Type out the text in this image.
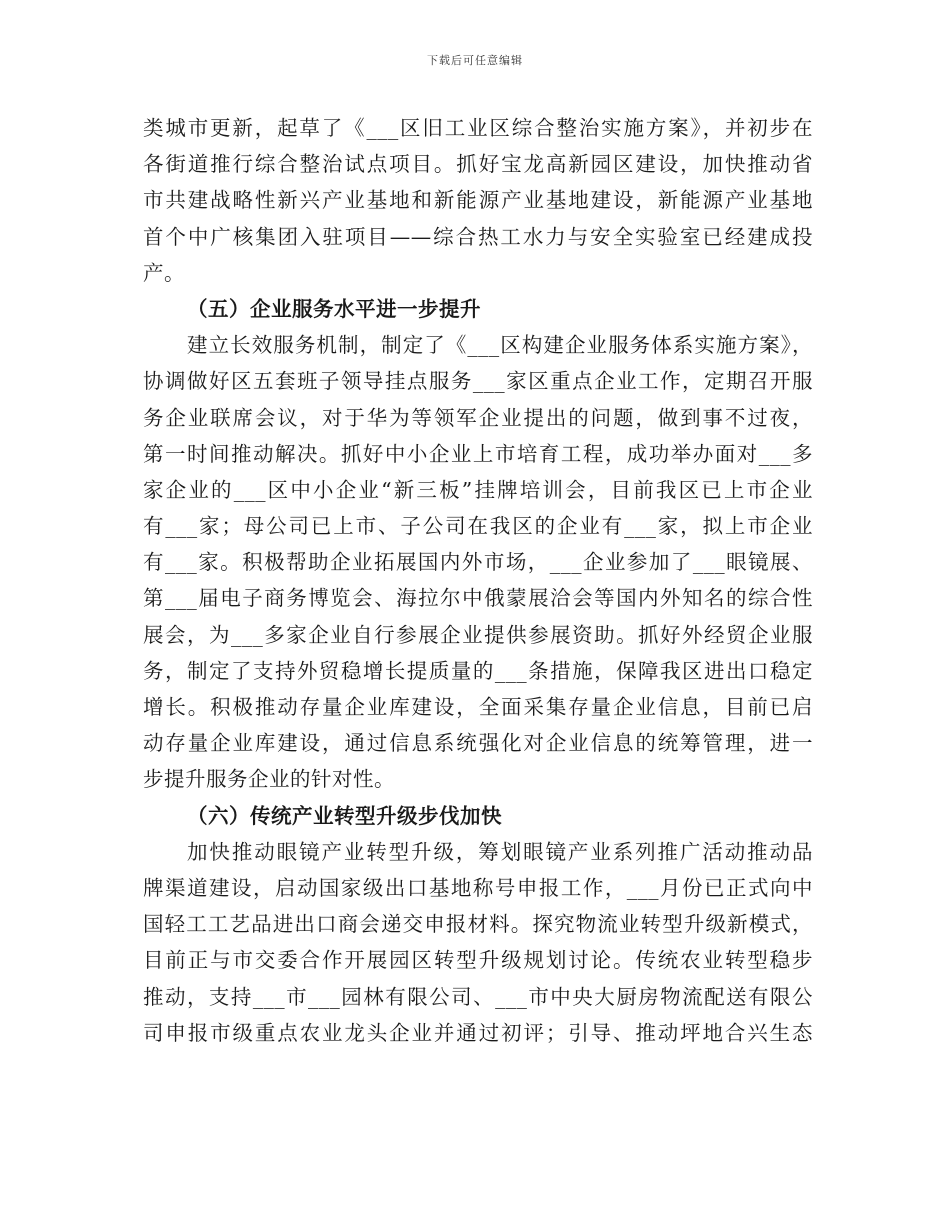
下载后可任意编辑
类城市更新，起草了《___区旧工业区综合整治实施方案》，并初步在
各街道推行综合整治试点项目。抓好宝龙高新园区建设，加快推动省
市共建战略性新兴产业基地和新能源产业基地建设，新能源产业基地
首个中广核集团入驻项目——综合热工水力与安全实验室已经建成投
产。
（五）企业服务水平进一步提升
建立长效服务机制，制定了《___区构建企业服务体系实施方案》，
协调做好区五套班子领导挂点服务___家区重点企业工作，定期召开服
务企业联席会议，对于华为等领军企业提出的问题，做到事不过夜，
第一时间推动解决。抓好中小企业上市培育工程，成功举办面对___多
家企业的___区中小企业“新三板”挂牌培训会，目前我区已上市企业
有___家；母公司已上市、子公司在我区的企业有___家，拟上市企业
有___家。积极帮助企业拓展国内外市场，___企业参加了___眼镜展、
第___届电子商务博览会、海拉尔中俄蒙展洽会等国内外知名的综合性
展会，为___多家企业自行参展企业提供参展资助。抓好外经贸企业服
务，制定了支持外贸稳增长提质量的___条措施，保障我区进出口稳定
增长。积极推动存量企业库建设，全面采集存量企业信息，目前已启
动存量企业库建设，通过信息系统强化对企业信息的统筹管理，进一
步提升服务企业的针对性。
（六）传统产业转型升级步伐加快
加快推动眼镜产业转型升级，筹划眼镜产业系列推广活动推动品
牌渠道建设，启动国家级出口基地称号申报工作，___月份已正式向中
国轻工工艺品进出口商会递交申报材料。探究物流业转型升级新模式，
目前正与市交委合作开展园区转型升级规划讨论。传统农业转型稳步
推动，支持___市___园林有限公司、___市中央大厨房物流配送有限公
司申报市级重点农业龙头企业并通过初评；引导、推动坪地合兴生态
